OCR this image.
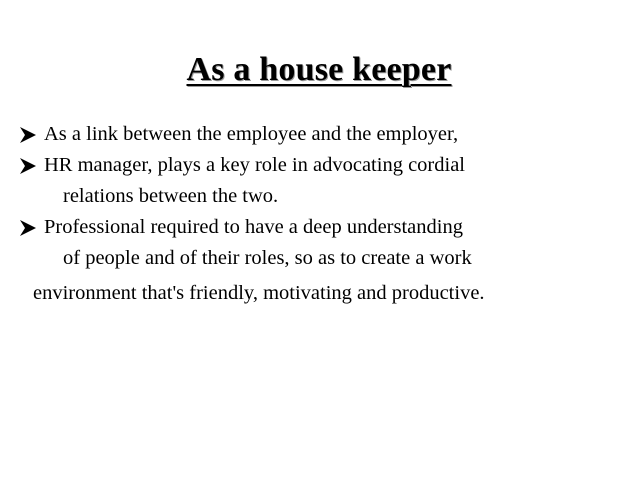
As a house keeper
As a link between the employee and the employer,
HR manager, plays a key role in advocating cordial
relations between the two.
Professional required to have a deep understanding
of people and of their roles, so as to create a work
environment that's friendly, motivating and productive.
